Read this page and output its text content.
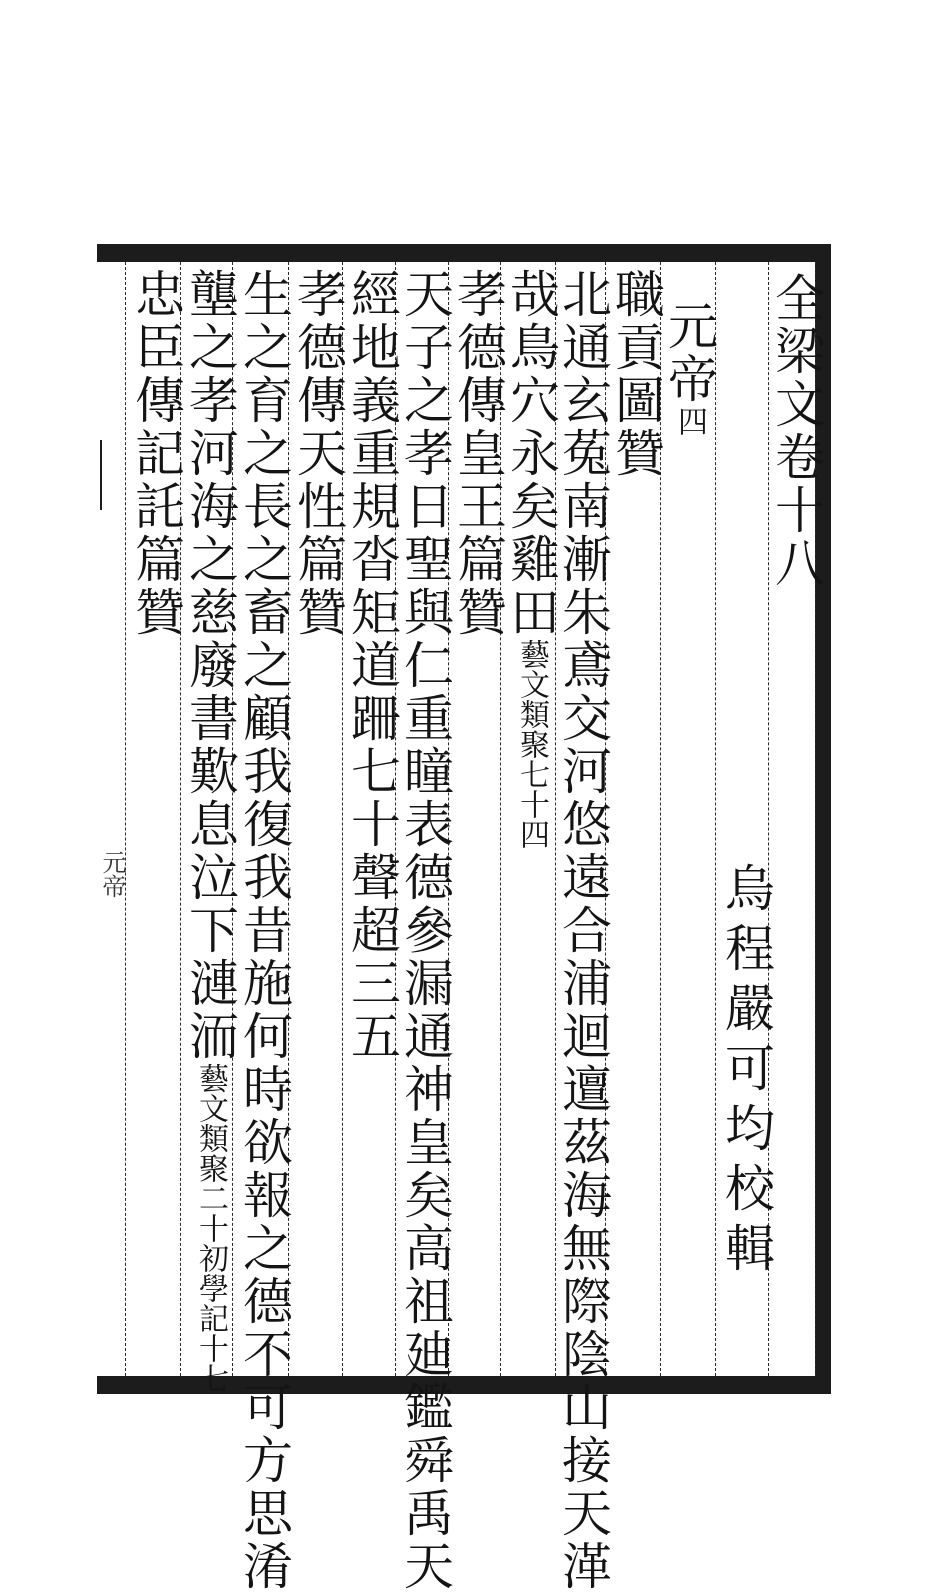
全梁文卷十八
烏程嚴可均校輯
元帝四
職貢圖贊
北通玄菟南漸朱鳶交河悠遠合浦迴邅茲海無際陰山接天㴖
哉鳥穴永矣雞田藝文類聚七十四
孝德傳皇王篇贊
天子之孝日聖與仁重瞳表德參漏通神皇矣高祖廸鑑舜禹天
經地義重規沓矩道跚七十聲超三五
孝德傳天性篇贊
生之育之長之畜之顧我復我昔施何時欲報之德不可方思淆
壟之孝河海之慈廢書歎息泣下漣洏藝文類聚二十初學記十七
忠臣傳記託篇贊
元帝
